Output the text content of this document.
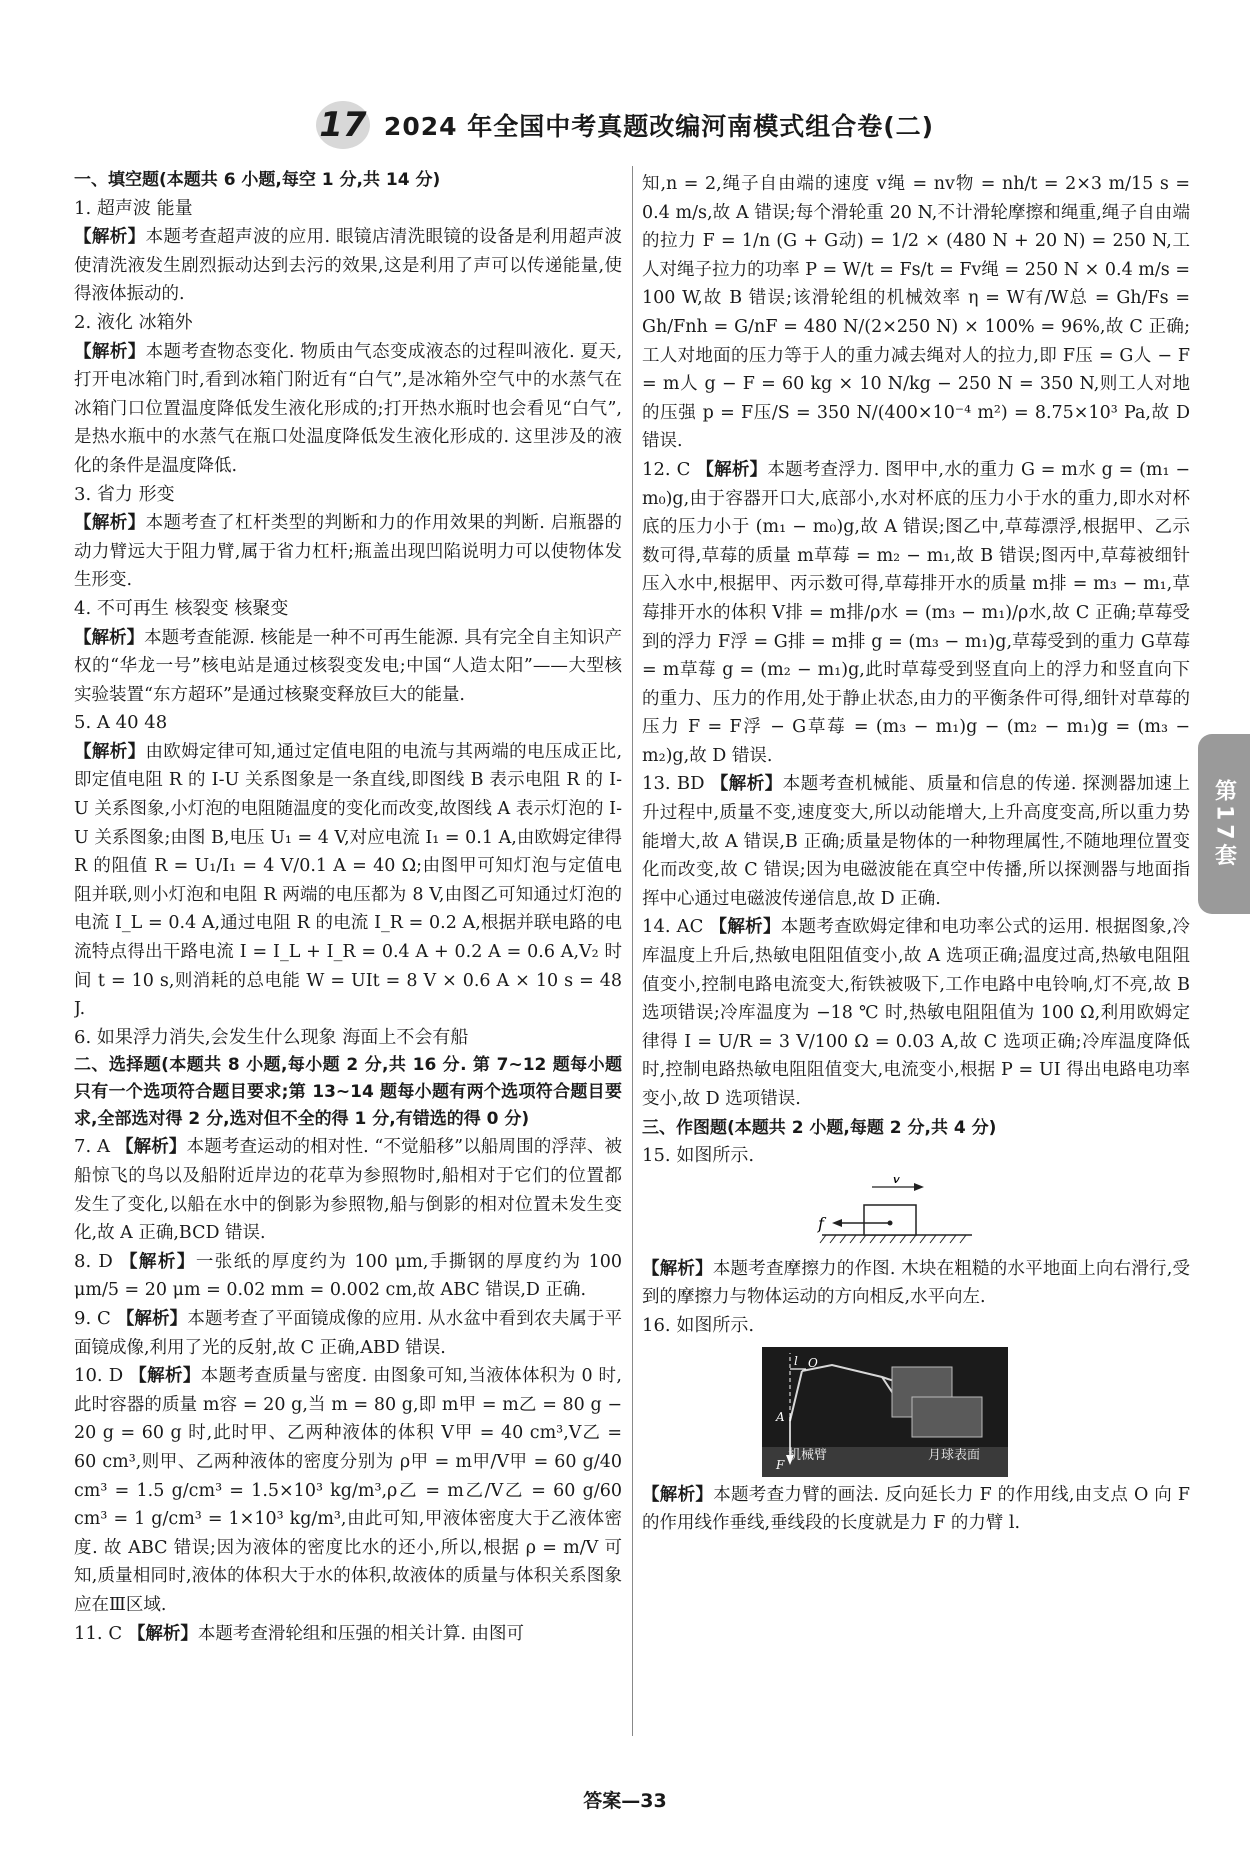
17 2024 年全国中考真题改编河南模式组合卷(二)

一、填空题(本题共 6 小题,每空 1 分,共 14 分)

1. 超声波 能量

【解析】本题考查超声波的应用. 眼镜店清洗眼镜的设备是利用超声波使清洗液发生剧烈振动达到去污的效果,这是利用了声可以传递能量,使得液体振动的.

2. 液化 冰箱外

【解析】本题考查物态变化. 物质由气态变成液态的过程叫液化. 夏天,打开电冰箱门时,看到冰箱门附近有“白气”,是冰箱外空气中的水蒸气在冰箱门口位置温度降低发生液化形成的;打开热水瓶时也会看见“白气”,是热水瓶中的水蒸气在瓶口处温度降低发生液化形成的. 这里涉及的液化的条件是温度降低.

3. 省力 形变

【解析】本题考查了杠杆类型的判断和力的作用效果的判断. 启瓶器的动力臂远大于阻力臂,属于省力杠杆;瓶盖出现凹陷说明力可以使物体发生形变.

4. 不可再生 核裂变 核聚变

【解析】本题考查能源. 核能是一种不可再生能源. 具有完全自主知识产权的“华龙一号”核电站是通过核裂变发电;中国“人造太阳”——大型核实验装置“东方超环”是通过核聚变释放巨大的能量.

5. A 40 48

【解析】由欧姆定律可知,通过定值电阻的电流与其两端的电压成正比,即定值电阻 R 的 I-U 关系图象是一条直线,即图线 B 表示电阻 R 的 I-U 关系图象,小灯泡的电阻随温度的变化而改变,故图线 A 表示灯泡的 I-U 关系图象;由图 B,电压 U₁ = 4 V,对应电流 I₁ = 0.1 A,由欧姆定律得 R 的阻值 R = U₁/I₁ = 4 V/0.1 A = 40 Ω;由图甲可知灯泡与定值电阻并联,则小灯泡和电阻 R 两端的电压都为 8 V,由图乙可知通过灯泡的电流 I_L = 0.4 A,通过电阻 R 的电流 I_R = 0.2 A,根据并联电路的电流特点得出干路电流 I = I_L + I_R = 0.4 A + 0.2 A = 0.6 A,V₂ 时间 t = 10 s,则消耗的总电能 W = UIt = 8 V × 0.6 A × 10 s = 48 J.

6. 如果浮力消失,会发生什么现象 海面上不会有船

二、选择题(本题共 8 小题,每小题 2 分,共 16 分. 第 7~12 题每小题只有一个选项符合题目要求;第 13~14 题每小题有两个选项符合题目要求,全部选对得 2 分,选对但不全的得 1 分,有错选的得 0 分)

7. A 【解析】本题考查运动的相对性. “不觉船移”以船周围的浮萍、被船惊飞的鸟以及船附近岸边的花草为参照物时,船相对于它们的位置都发生了变化,以船在水中的倒影为参照物,船与倒影的相对位置未发生变化,故 A 正确,BCD 错误.

8. D 【解析】一张纸的厚度约为 100 μm,手撕钢的厚度约为 100 μm/5 = 20 μm = 0.02 mm = 0.002 cm,故 ABC 错误,D 正确.

9. C 【解析】本题考查了平面镜成像的应用. 从水盆中看到农夫属于平面镜成像,利用了光的反射,故 C 正确,ABD 错误.

10. D 【解析】本题考查质量与密度. 由图象可知,当液体体积为 0 时,此时容器的质量 m容 = 20 g,当 m = 80 g,即 m甲 = m乙 = 80 g − 20 g = 60 g 时,此时甲、乙两种液体的体积 V甲 = 40 cm³,V乙 = 60 cm³,则甲、乙两种液体的密度分别为 ρ甲 = m甲/V甲 = 60 g/40 cm³ = 1.5 g/cm³ = 1.5×10³ kg/m³,ρ乙 = m乙/V乙 = 60 g/60 cm³ = 1 g/cm³ = 1×10³ kg/m³,由此可知,甲液体密度大于乙液体密度. 故 ABC 错误;因为液体的密度比水的还小,所以,根据 ρ = m/V 可知,质量相同时,液体的体积大于水的体积,故液体的质量与体积关系图象应在Ⅲ区域.

11. C 【解析】本题考查滑轮组和压强的相关计算. 由图可

知,n = 2,绳子自由端的速度 v绳 = nv物 = nh/t = 2×3 m/15 s = 0.4 m/s,故 A 错误;每个滑轮重 20 N,不计滑轮摩擦和绳重,绳子自由端的拉力 F = 1/n (G + G动) = 1/2 × (480 N + 20 N) = 250 N,工人对绳子拉力的功率 P = W/t = Fs/t = Fv绳 = 250 N × 0.4 m/s = 100 W,故 B 错误;该滑轮组的机械效率 η = W有/W总 = Gh/Fs = Gh/Fnh = G/nF = 480 N/(2×250 N) × 100% = 96%,故 C 正确;工人对地面的压力等于人的重力减去绳对人的拉力,即 F压 = G人 − F = m人 g − F = 60 kg × 10 N/kg − 250 N = 350 N,则工人对地的压强 p = F压/S = 350 N/(400×10⁻⁴ m²) = 8.75×10³ Pa,故 D 错误.

12. C 【解析】本题考查浮力. 图甲中,水的重力 G = m水 g = (m₁ − m₀)g,由于容器开口大,底部小,水对杯底的压力小于水的重力,即水对杯底的压力小于 (m₁ − m₀)g,故 A 错误;图乙中,草莓漂浮,根据甲、乙示数可得,草莓的质量 m草莓 = m₂ − m₁,故 B 错误;图丙中,草莓被细针压入水中,根据甲、丙示数可得,草莓排开水的质量 m排 = m₃ − m₁,草莓排开水的体积 V排 = m排/ρ水 = (m₃ − m₁)/ρ水,故 C 正确;草莓受到的浮力 F浮 = G排 = m排 g = (m₃ − m₁)g,草莓受到的重力 G草莓 = m草莓 g = (m₂ − m₁)g,此时草莓受到竖直向上的浮力和竖直向下的重力、压力的作用,处于静止状态,由力的平衡条件可得,细针对草莓的压力 F = F浮 − G草莓 = (m₃ − m₁)g − (m₂ − m₁)g = (m₃ − m₂)g,故 D 错误.

13. BD 【解析】本题考查机械能、质量和信息的传递. 探测器加速上升过程中,质量不变,速度变大,所以动能增大,上升高度变高,所以重力势能增大,故 A 错误,B 正确;质量是物体的一种物理属性,不随地理位置变化而改变,故 C 错误;因为电磁波能在真空中传播,所以探测器与地面指挥中心通过电磁波传递信息,故 D 正确.

14. AC 【解析】本题考查欧姆定律和电功率公式的运用. 根据图象,冷库温度上升后,热敏电阻阻值变小,故 A 选项正确;温度过高,热敏电阻阻值变小,控制电路电流变大,衔铁被吸下,工作电路中电铃响,灯不亮,故 B 选项错误;冷库温度为 −18 ℃ 时,热敏电阻阻值为 100 Ω,利用欧姆定律得 I = U/R = 3 V/100 Ω = 0.03 A,故 C 选项正确;冷库温度降低时,控制电路热敏电阻阻值变大,电流变小,根据 P = UI 得出电路电功率变小,故 D 选项错误.

三、作图题(本题共 2 小题,每题 2 分,共 4 分)

15. 如图所示.

v
f

【解析】本题考查摩擦力的作图. 木块在粗糙的水平地面上向右滑行,受到的摩擦力与物体运动的方向相反,水平向左.

16. 如图所示.

l O
A
F
机械臂	月球表面

【解析】本题考查力臂的画法. 反向延长力 F 的作用线,由支点 O 向 F 的作用线作垂线,垂线段的长度就是力 F 的力臂 l.

第17套
答案—33
